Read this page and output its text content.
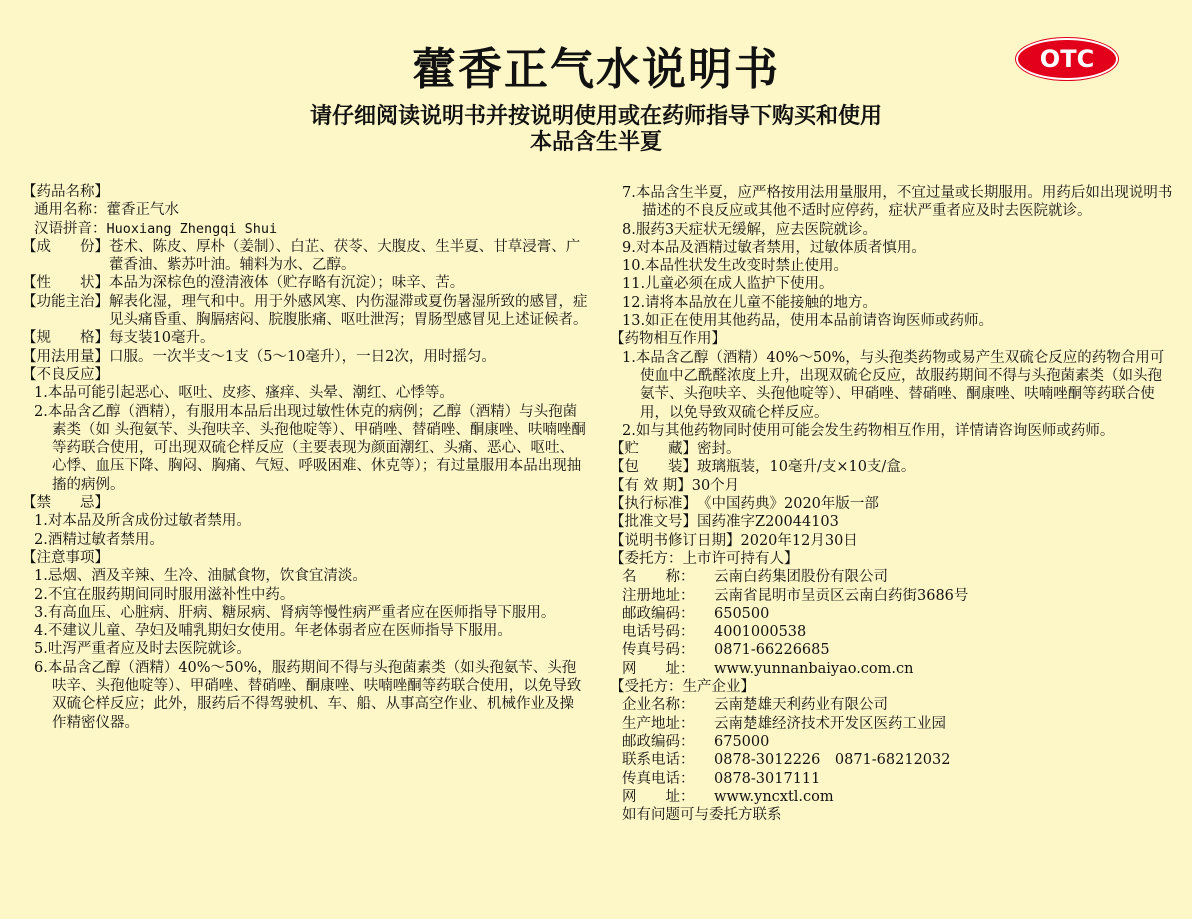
藿香正气水说明书	OTC
请仔细阅读说明书并按说明使用或在药师指导下购买和使用
本品含生半夏
【药品名称】
通用名称： 藿香正气水
汉语拼音： Huoxiang Zhengqi Shui
【成　　份】 苍术、陈皮、厚朴（姜制）、白芷、茯苓、大腹皮、生半夏、甘草浸膏、广藿香油、紫苏叶油。辅料为水、乙醇。
【性　　状】 本品为深棕色的澄清液体（贮存略有沉淀）；味辛、苦。
【功能主治】 解表化湿，理气和中。用于外感风寒、内伤湿滞或夏伤暑湿所致的感冒，症见头痛昏重、胸膈痞闷、脘腹胀痛、呕吐泄泻；胃肠型感冒见上述证候者。
【规　　格】 每支装10毫升。
【用法用量】 口服。一次半支～1支（5～10毫升），一日2次，用时摇匀。
【不良反应】
1.本品可能引起恶心、呕吐、皮疹、瘙痒、头晕、潮红、心悸等。
2.本品含乙醇（酒精），有服用本品后出现过敏性休克的病例；乙醇（酒精）与头孢菌素类（如 头孢氨苄、头孢呋辛、头孢他啶等）、甲硝唑、替硝唑、酮康唑、呋喃唑酮等药联合使用，可出现双硫仑样反应（主要表现为颜面潮红、头痛、恶心、呕吐、心悸、血压下降、胸闷、胸痛、气短、呼吸困难、休克等）；有过量服用本品出现抽搐的病例。
【禁　　忌】
1.对本品及所含成份过敏者禁用。
2.酒精过敏者禁用。
【注意事项】
1.忌烟、酒及辛辣、生冷、油腻食物，饮食宜清淡。
2.不宜在服药期间同时服用滋补性中药。
3.有高血压、心脏病、肝病、糖尿病、肾病等慢性病严重者应在医师指导下服用。
4.不建议儿童、孕妇及哺乳期妇女使用。年老体弱者应在医师指导下服用。
5.吐泻严重者应及时去医院就诊。
6.本品含乙醇（酒精）40%～50%，服药期间不得与头孢菌素类（如头孢氨苄、头孢呋辛、头孢他啶等）、甲硝唑、替硝唑、酮康唑、呋喃唑酮等药联合使用，以免导致双硫仑样反应；此外，服药后不得驾驶机、车、船、从事高空作业、机械作业及操作精密仪器。
7.本品含生半夏，应严格按用法用量服用，不宜过量或长期服用。用药后如出现说明书描述的不良反应或其他不适时应停药，症状严重者应及时去医院就诊。
8.服药3天症状无缓解，应去医院就诊。
9.对本品及酒精过敏者禁用，过敏体质者慎用。
10.本品性状发生改变时禁止使用。
11.儿童必须在成人监护下使用。
12.请将本品放在儿童不能接触的地方。
13.如正在使用其他药品，使用本品前请咨询医师或药师。
【药物相互作用】
1.本品含乙醇（酒精）40%～50%，与头孢类药物或易产生双硫仑反应的药物合用可使血中乙酰醛浓度上升，出现双硫仑反应，故服药期间不得与头孢菌素类（如头孢氨苄、头孢呋辛、头孢他啶等）、甲硝唑、替硝唑、酮康唑、呋喃唑酮等药联合使用，以免导致双硫仑样反应。
2.如与其他药物同时使用可能会发生药物相互作用，详情请咨询医师或药师。
【贮　　藏】 密封。
【包　　装】 玻璃瓶装，10毫升/支×10支/盒。
【有 效 期】 30个月
【执行标准】 《中国药典》2020年版一部
【批准文号】 国药准字Z20044103
【说明书修订日期】 2020年12月30日
【委托方：上市许可持有人】
名　　称：	云南白药集团股份有限公司
注册地址：	云南省昆明市呈贡区云南白药街3686号
邮政编码：	650500
电话号码：	4001000538
传真号码：	0871-66226685
网　　址：	www.yunnanbaiyao.com.cn
【受托方：生产企业】
企业名称：	云南楚雄天利药业有限公司
生产地址：	云南楚雄经济技术开发区医药工业园
邮政编码：	675000
联系电话：	0878-3012226　0871-68212032
传真电话：	0878-3017111
网　　址：	www.yncxtl.com
如有问题可与委托方联系
